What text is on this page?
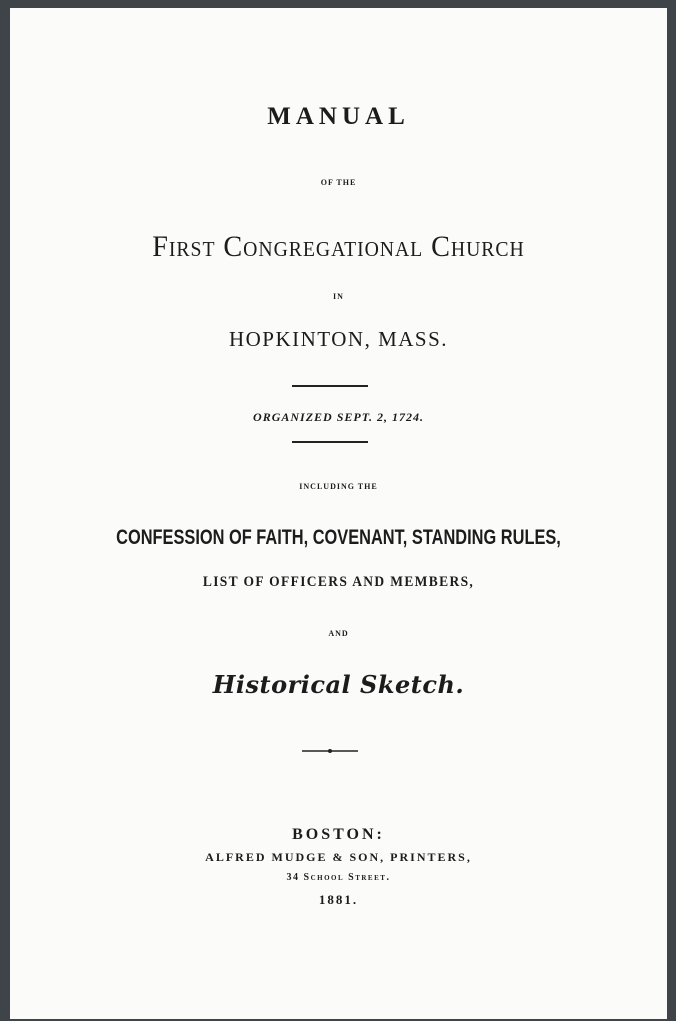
MANUAL
OF THE
First Congregational Church
IN
HOPKINTON, MASS.
ORGANIZED SEPT. 2, 1724.
INCLUDING THE
CONFESSION OF FAITH, COVENANT, STANDING RULES,
LIST OF OFFICERS AND MEMBERS,
AND
Historical Sketch.
BOSTON:
ALFRED MUDGE & SON, PRINTERS,
34 School Street.
1881.
